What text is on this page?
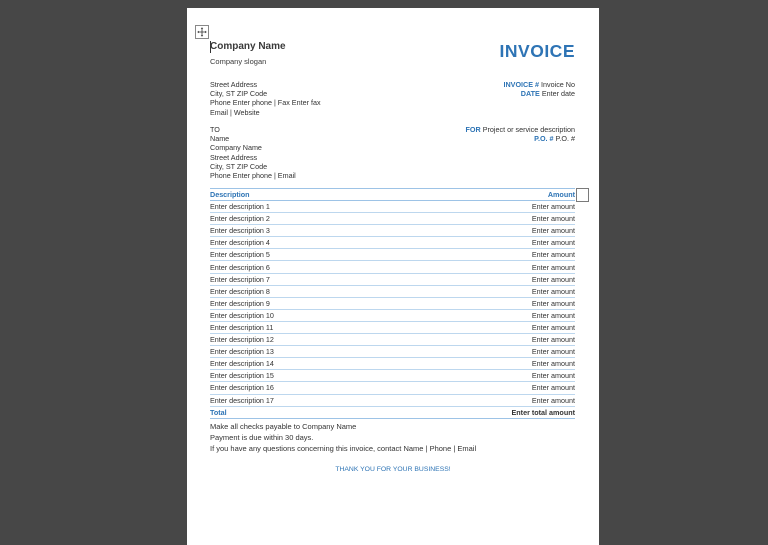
Company Name
Company slogan
INVOICE
Street Address
City, ST ZIP Code
Phone Enter phone | Fax Enter fax
Email | Website
INVOICE # Invoice No
DATE Enter date
TO
Name
Company Name
Street Address
City, ST ZIP Code
Phone Enter phone | Email
FOR Project or service description
P.O. # P.O. #
Description	Amount
Enter description 1	Enter amount
Enter description 2	Enter amount
Enter description 3	Enter amount
Enter description 4	Enter amount
Enter description 5	Enter amount
Enter description 6	Enter amount
Enter description 7	Enter amount
Enter description 8	Enter amount
Enter description 9	Enter amount
Enter description 10	Enter amount
Enter description 11	Enter amount
Enter description 12	Enter amount
Enter description 13	Enter amount
Enter description 14	Enter amount
Enter description 15	Enter amount
Enter description 16	Enter amount
Enter description 17	Enter amount
Total	Enter total amount
Make all checks payable to Company Name
Payment is due within 30 days.
If you have any questions concerning this invoice, contact Name | Phone | Email
THANK YOU FOR YOUR BUSINESS!
